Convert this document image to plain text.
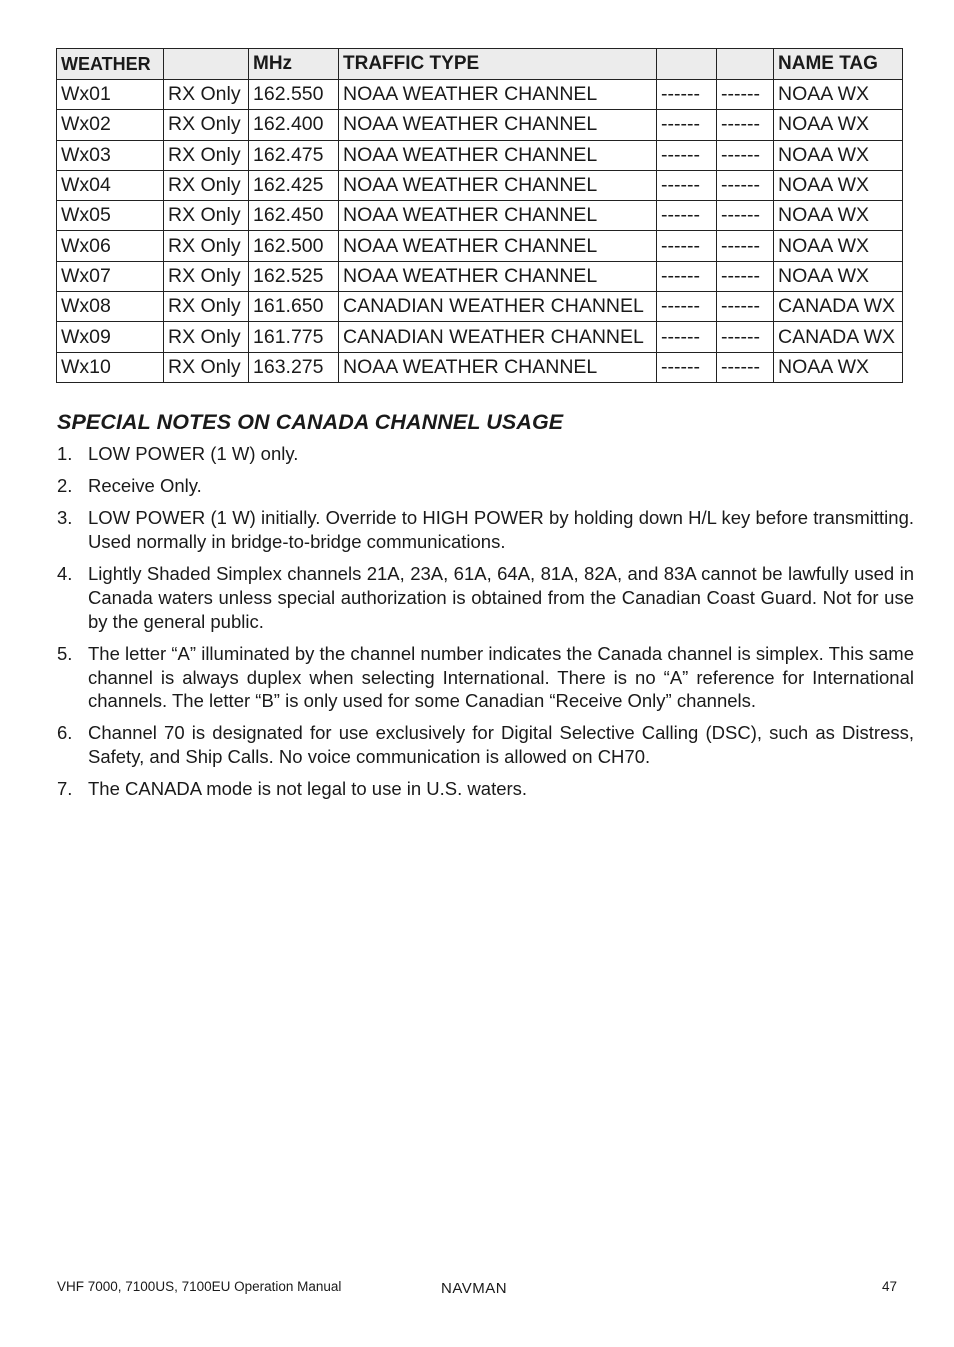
WEATHER		MHz	TRAFFIC TYPE			NAME TAG
Wx01	RX Only	162.550	NOAA WEATHER CHANNEL	------	------	NOAA WX
Wx02	RX Only	162.400	NOAA WEATHER CHANNEL	------	------	NOAA WX
Wx03	RX Only	162.475	NOAA WEATHER CHANNEL	------	------	NOAA WX
Wx04	RX Only	162.425	NOAA WEATHER CHANNEL	------	------	NOAA WX
Wx05	RX Only	162.450	NOAA WEATHER CHANNEL	------	------	NOAA WX
Wx06	RX Only	162.500	NOAA WEATHER CHANNEL	------	------	NOAA WX
Wx07	RX Only	162.525	NOAA WEATHER CHANNEL	------	------	NOAA WX
Wx08	RX Only	161.650	CANADIAN WEATHER CHANNEL	------	------	CANADA WX
Wx09	RX Only	161.775	CANADIAN WEATHER CHANNEL	------	------	CANADA WX
Wx10	RX Only	163.275	NOAA WEATHER CHANNEL	------	------	NOAA WX
SPECIAL NOTES ON CANADA CHANNEL USAGE
1. LOW POWER (1 W) only.
2. Receive Only.
3. LOW POWER (1 W) initially. Override to HIGH POWER by holding down H/L key before transmitting. Used normally in bridge-to-bridge communications.
4. Lightly Shaded Simplex channels 21A, 23A, 61A, 64A, 81A, 82A, and 83A cannot be lawfully used in Canada waters unless special authorization is obtained from the Canadian Coast Guard. Not for use by the general public.
5. The letter “A” illuminated by the channel number indicates the Canada channel is simplex. This same channel is always duplex when selecting International. There is no “A” reference for International channels. The letter “B” is only used for some Canadian “Receive Only” channels.
6. Channel 70 is designated for use exclusively for Digital Selective Calling (DSC), such as Distress, Safety, and Ship Calls. No voice communication is allowed on CH70.
7. The CANADA mode is not legal to use in U.S. waters.
VHF 7000, 7100US, 7100EU Operation Manual	NAVMAN	47
